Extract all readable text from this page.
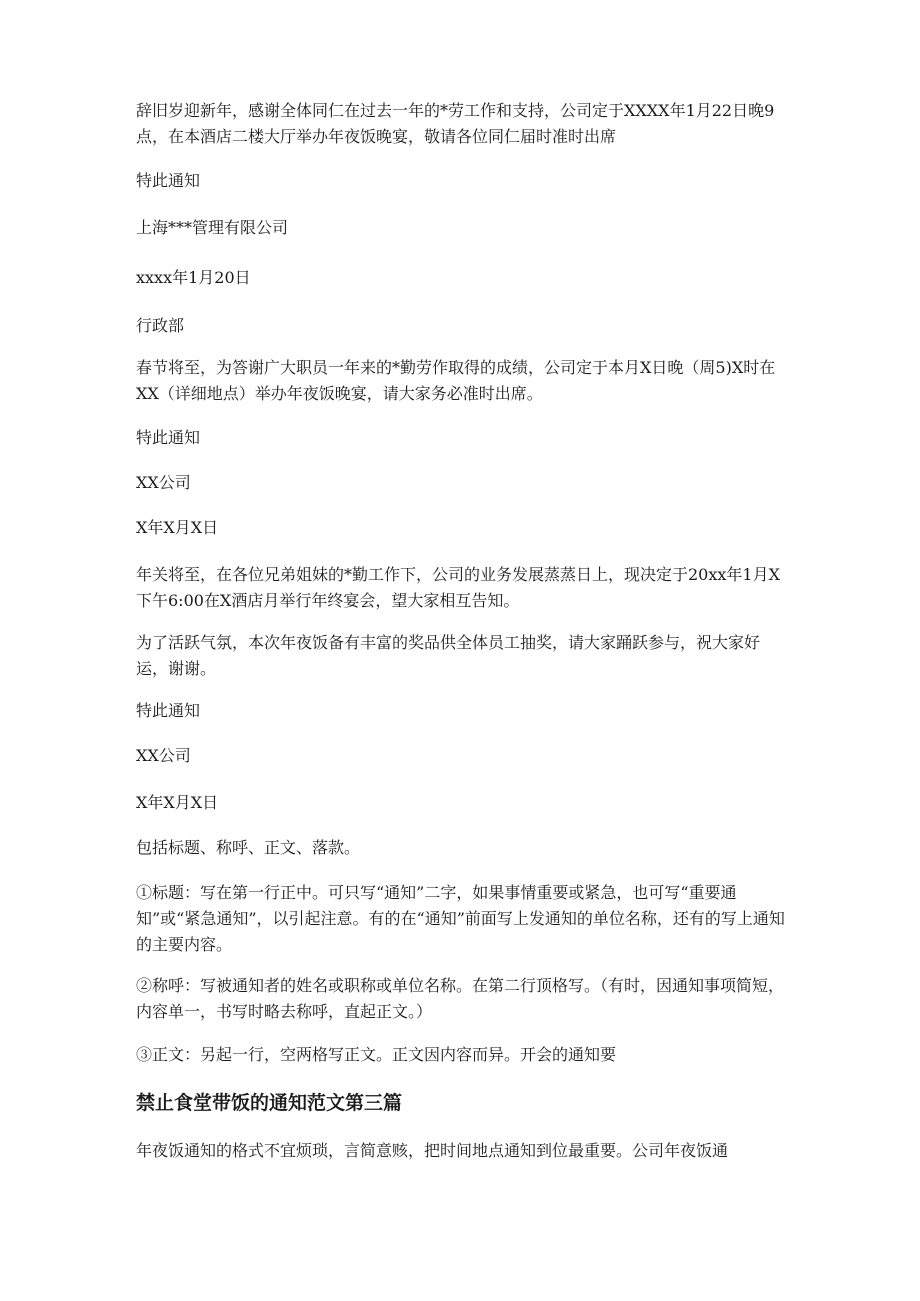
辞旧岁迎新年，感谢全体同仁在过去一年的*劳工作和支持，公司定于XXXX年1月22日晚9点，在本酒店二楼大厅举办年夜饭晚宴，敬请各位同仁届时准时出席

特此通知

上海***管理有限公司

xxxx年1月20日

行政部

春节将至，为答谢广大职员一年来的*勤劳作取得的成绩，公司定于本月X日晚（周5)X时在XX（详细地点）举办年夜饭晚宴，请大家务必准时出席。

特此通知

XX公司

X年X月X日

年关将至，在各位兄弟姐妹的*勤工作下，公司的业务发展蒸蒸日上，现决定于20xx年1月X下午6:00在X酒店月举行年终宴会，望大家相互告知。

为了活跃气氛，本次年夜饭备有丰富的奖品供全体员工抽奖，请大家踊跃参与，祝大家好运，谢谢。

特此通知

XX公司

X年X月X日

包括标题、称呼、正文、落款。

①标题：写在第一行正中。可只写“通知”二字，如果事情重要或紧急，也可写“重要通知”或“紧急通知”，以引起注意。有的在“通知”前面写上发通知的单位名称，还有的写上通知的主要内容。

②称呼：写被通知者的姓名或职称或单位名称。在第二行顶格写。（有时，因通知事项简短，内容单一，书写时略去称呼，直起正文。）

③正文：另起一行，空两格写正文。正文因内容而异。开会的通知要

禁止食堂带饭的通知范文第三篇

年夜饭通知的格式不宜烦琐，言简意赅，把时间地点通知到位最重要。公司年夜饭通
